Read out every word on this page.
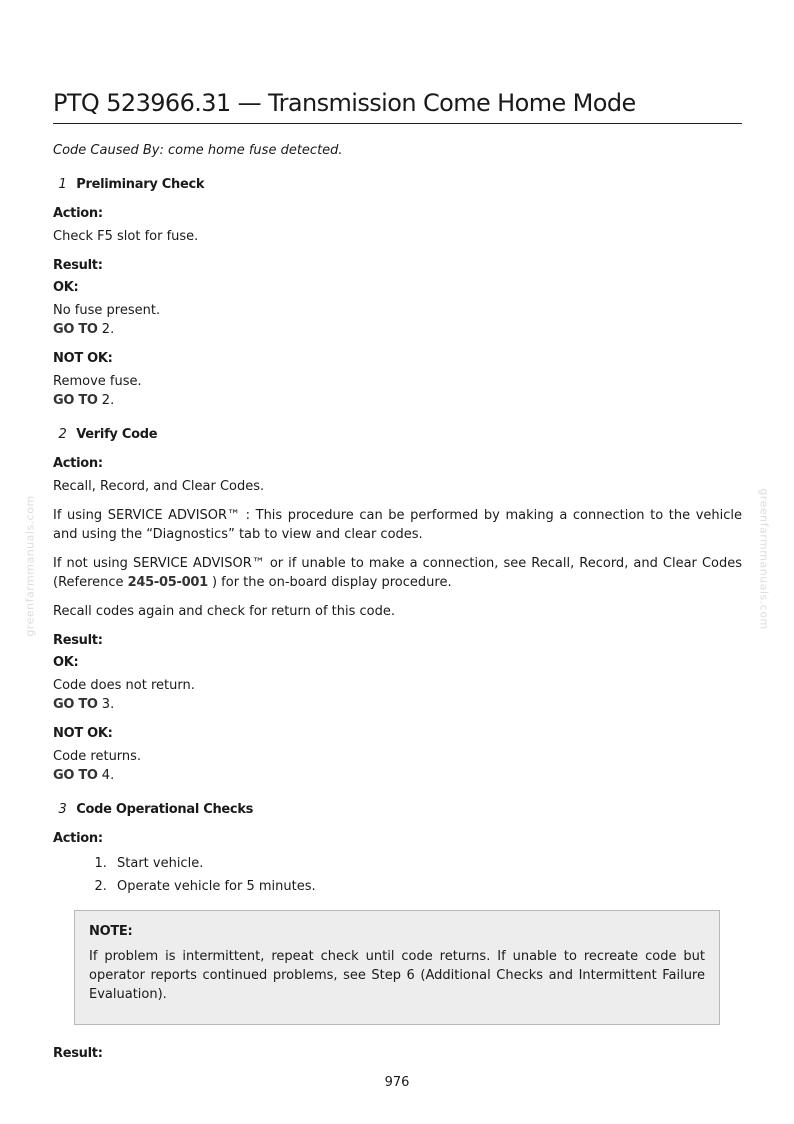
greenfarmmanuals.com	greenfarmmanuals.com
PTQ 523966.31 — Transmission Come Home Mode
Code Caused By: come home fuse detected.
1 Preliminary Check
Action:
Check F5 slot for fuse.
Result:
OK:
No fuse present.
GO TO 2.
NOT OK:
Remove fuse.
GO TO 2.
2 Verify Code
Action:
Recall, Record, and Clear Codes.
If using SERVICE ADVISOR™ : This procedure can be performed by making a connection to the vehicle and using the “Diagnostics” tab to view and clear codes.
If not using SERVICE ADVISOR™ or if unable to make a connection, see Recall, Record, and Clear Codes (Reference 245-05-001 ) for the on-board display procedure.
Recall codes again and check for return of this code.
Result:
OK:
Code does not return.
GO TO 3.
NOT OK:
Code returns.
GO TO 4.
3 Code Operational Checks
Action:
1. Start vehicle.
2. Operate vehicle for 5 minutes.
NOTE:
If problem is intermittent, repeat check until code returns. If unable to recreate code but operator reports continued problems, see Step 6 (Additional Checks and Intermittent Failure Evaluation).
Result:
976
